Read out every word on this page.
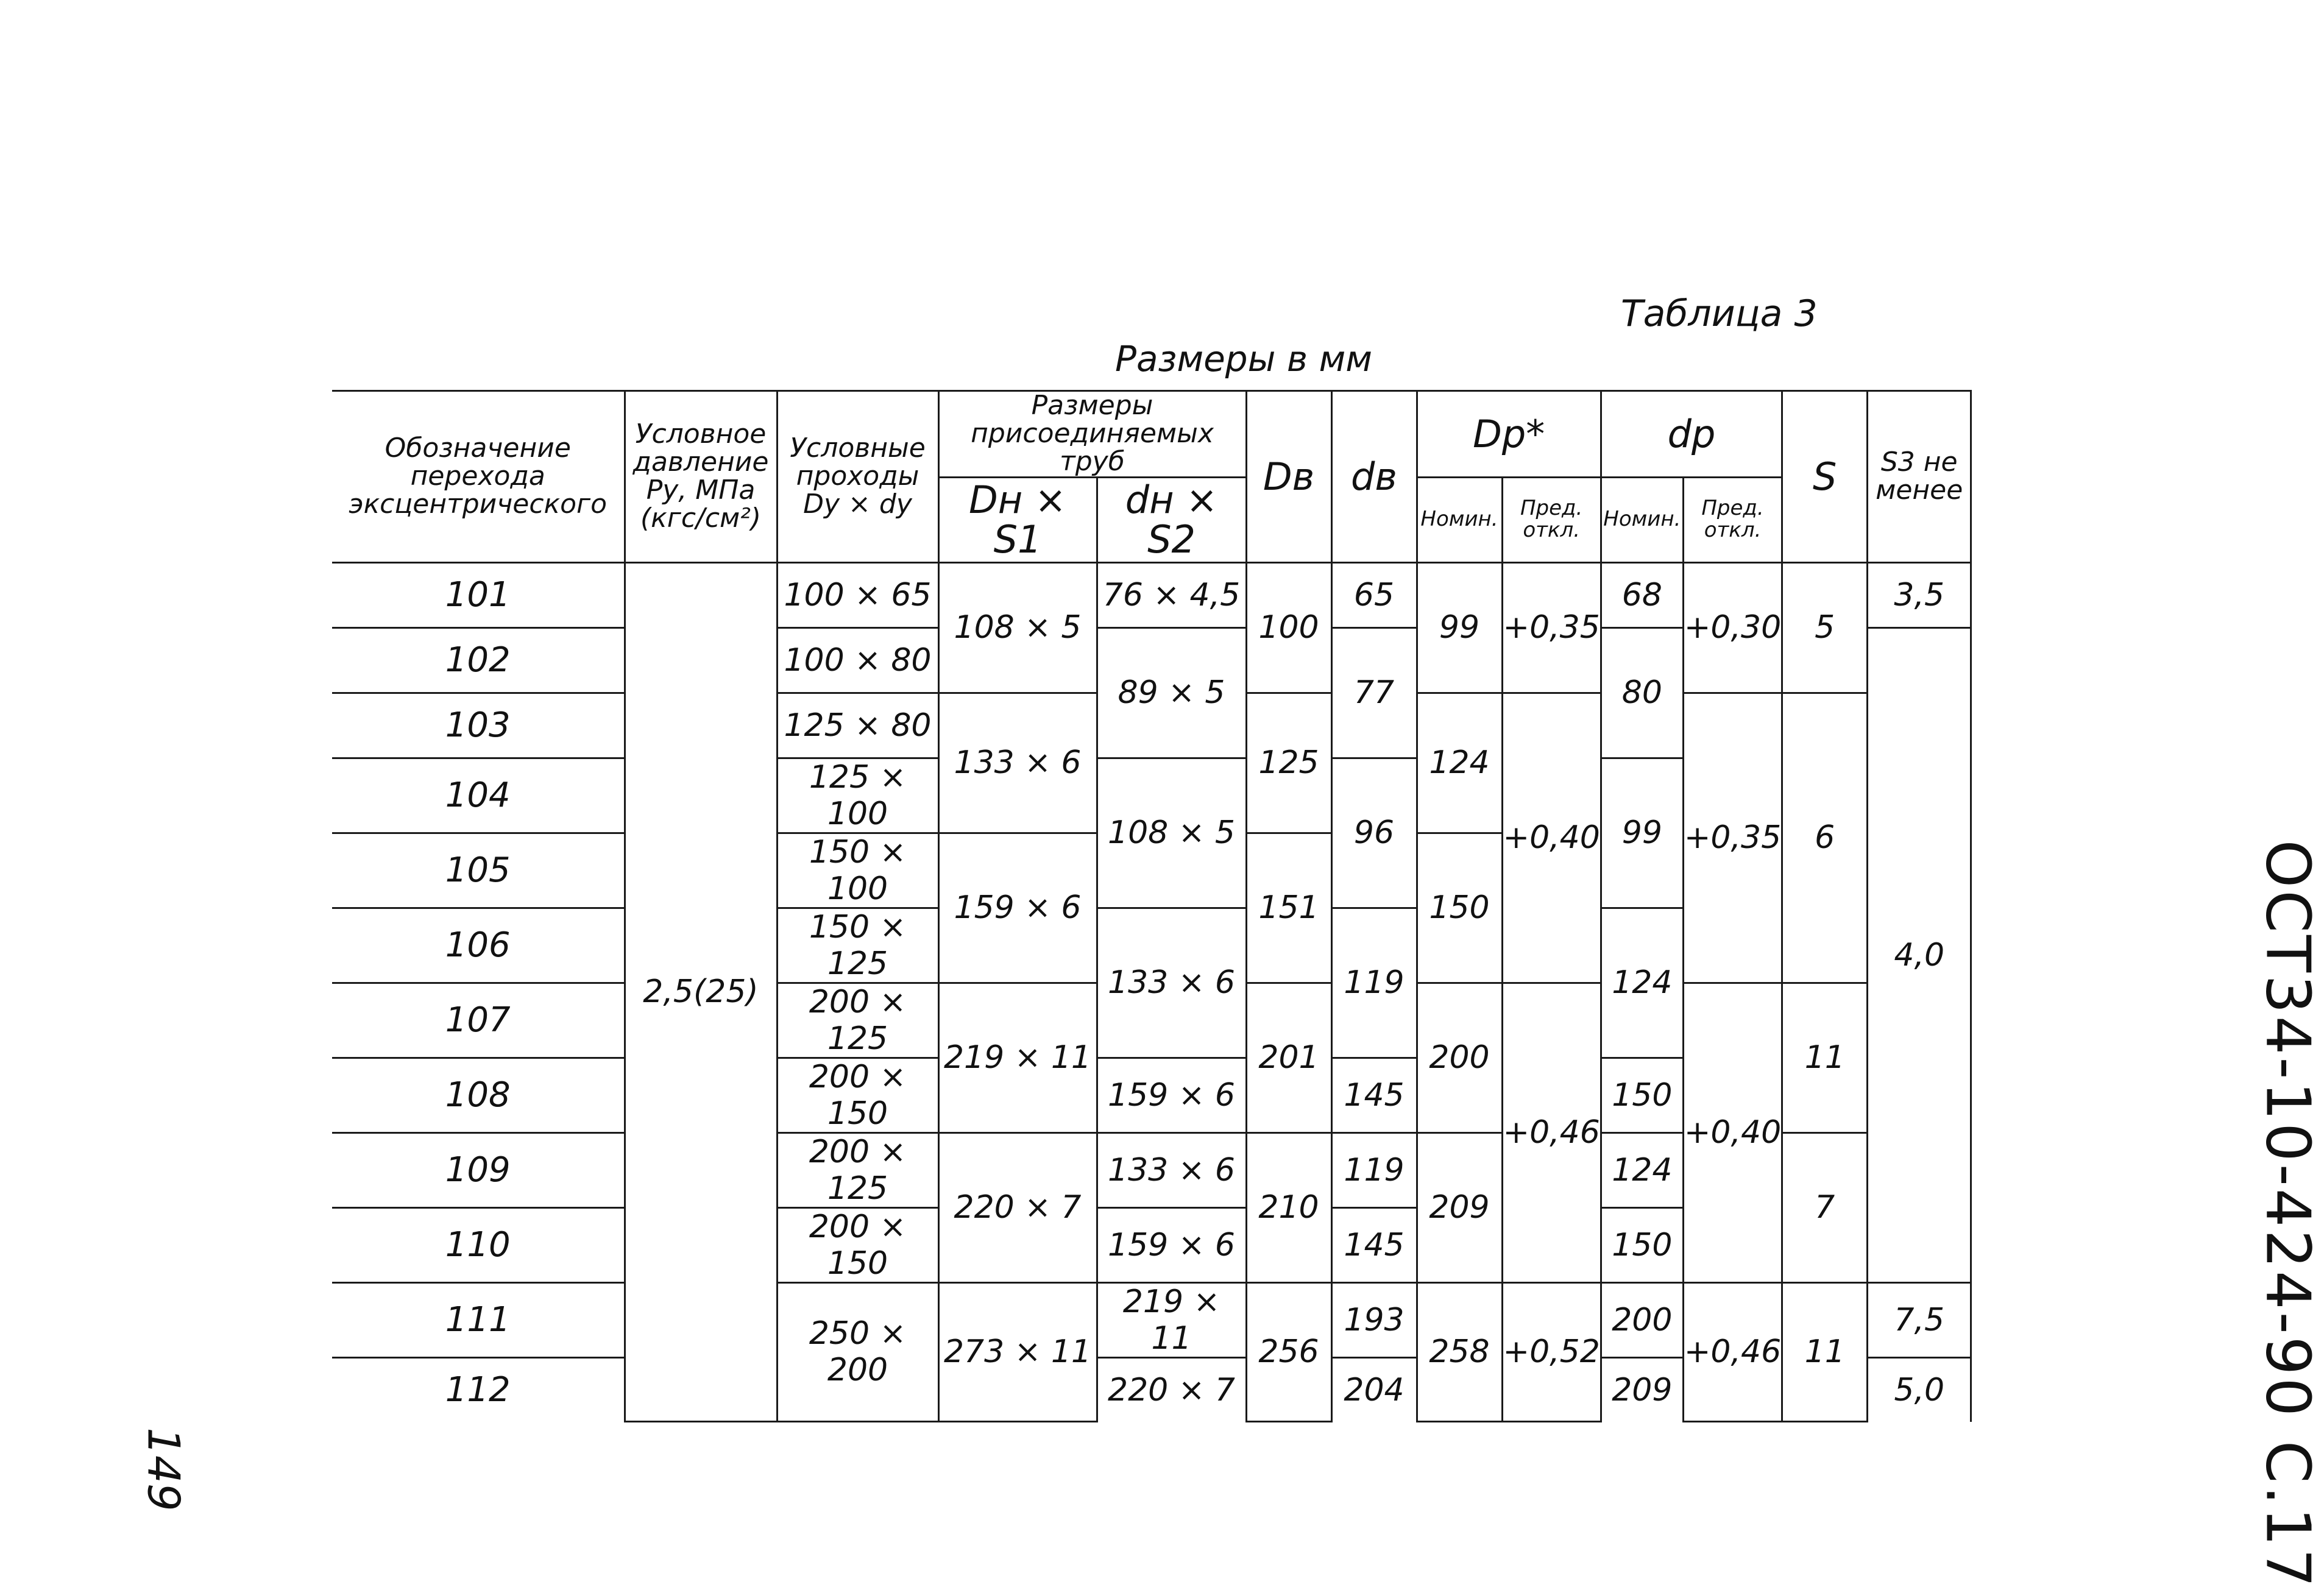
Таблица 3
Размеры в мм
Обозначение перехода эксцентрического	Условное давление Ру, МПа (кгс/см²)	Условные проходы Dy × dy	Размеры присоединяемых труб		Dв	dв	Dp*		dp		S	S3 не менее
			Dн × S1	dн × S2			Номин.	Пред. откл.	Номин.	Пред. откл.		
101	2,5(25)	100 × 65	108 × 5	76 × 4,5	100	65	99	+0,35	68	+0,30	5	3,5
102		100 × 80		89 × 5		77			80			4,0
103		125 × 80	133 × 6		125		124	+0,40		+0,35	6	
104		125 × 100		108 × 5		96			99			
105		150 × 100	159 × 6		151		150					
106		150 × 125		133 × 6		119			124			
107		200 × 125	219 × 11		201		200	+0,46		+0,40	11	
108		200 × 150		159 × 6		145			150			
109		200 × 125	220 × 7	133 × 6	210	119	209		124		7	
110		200 × 150		159 × 6		145			150			
111		250 × 200	273 × 11	219 × 11	256	193	258	+0,52	200	+0,46	11	7,5
112				220 × 7		204			209			5,0	ОСТ34-10-424-90 С.17
149
